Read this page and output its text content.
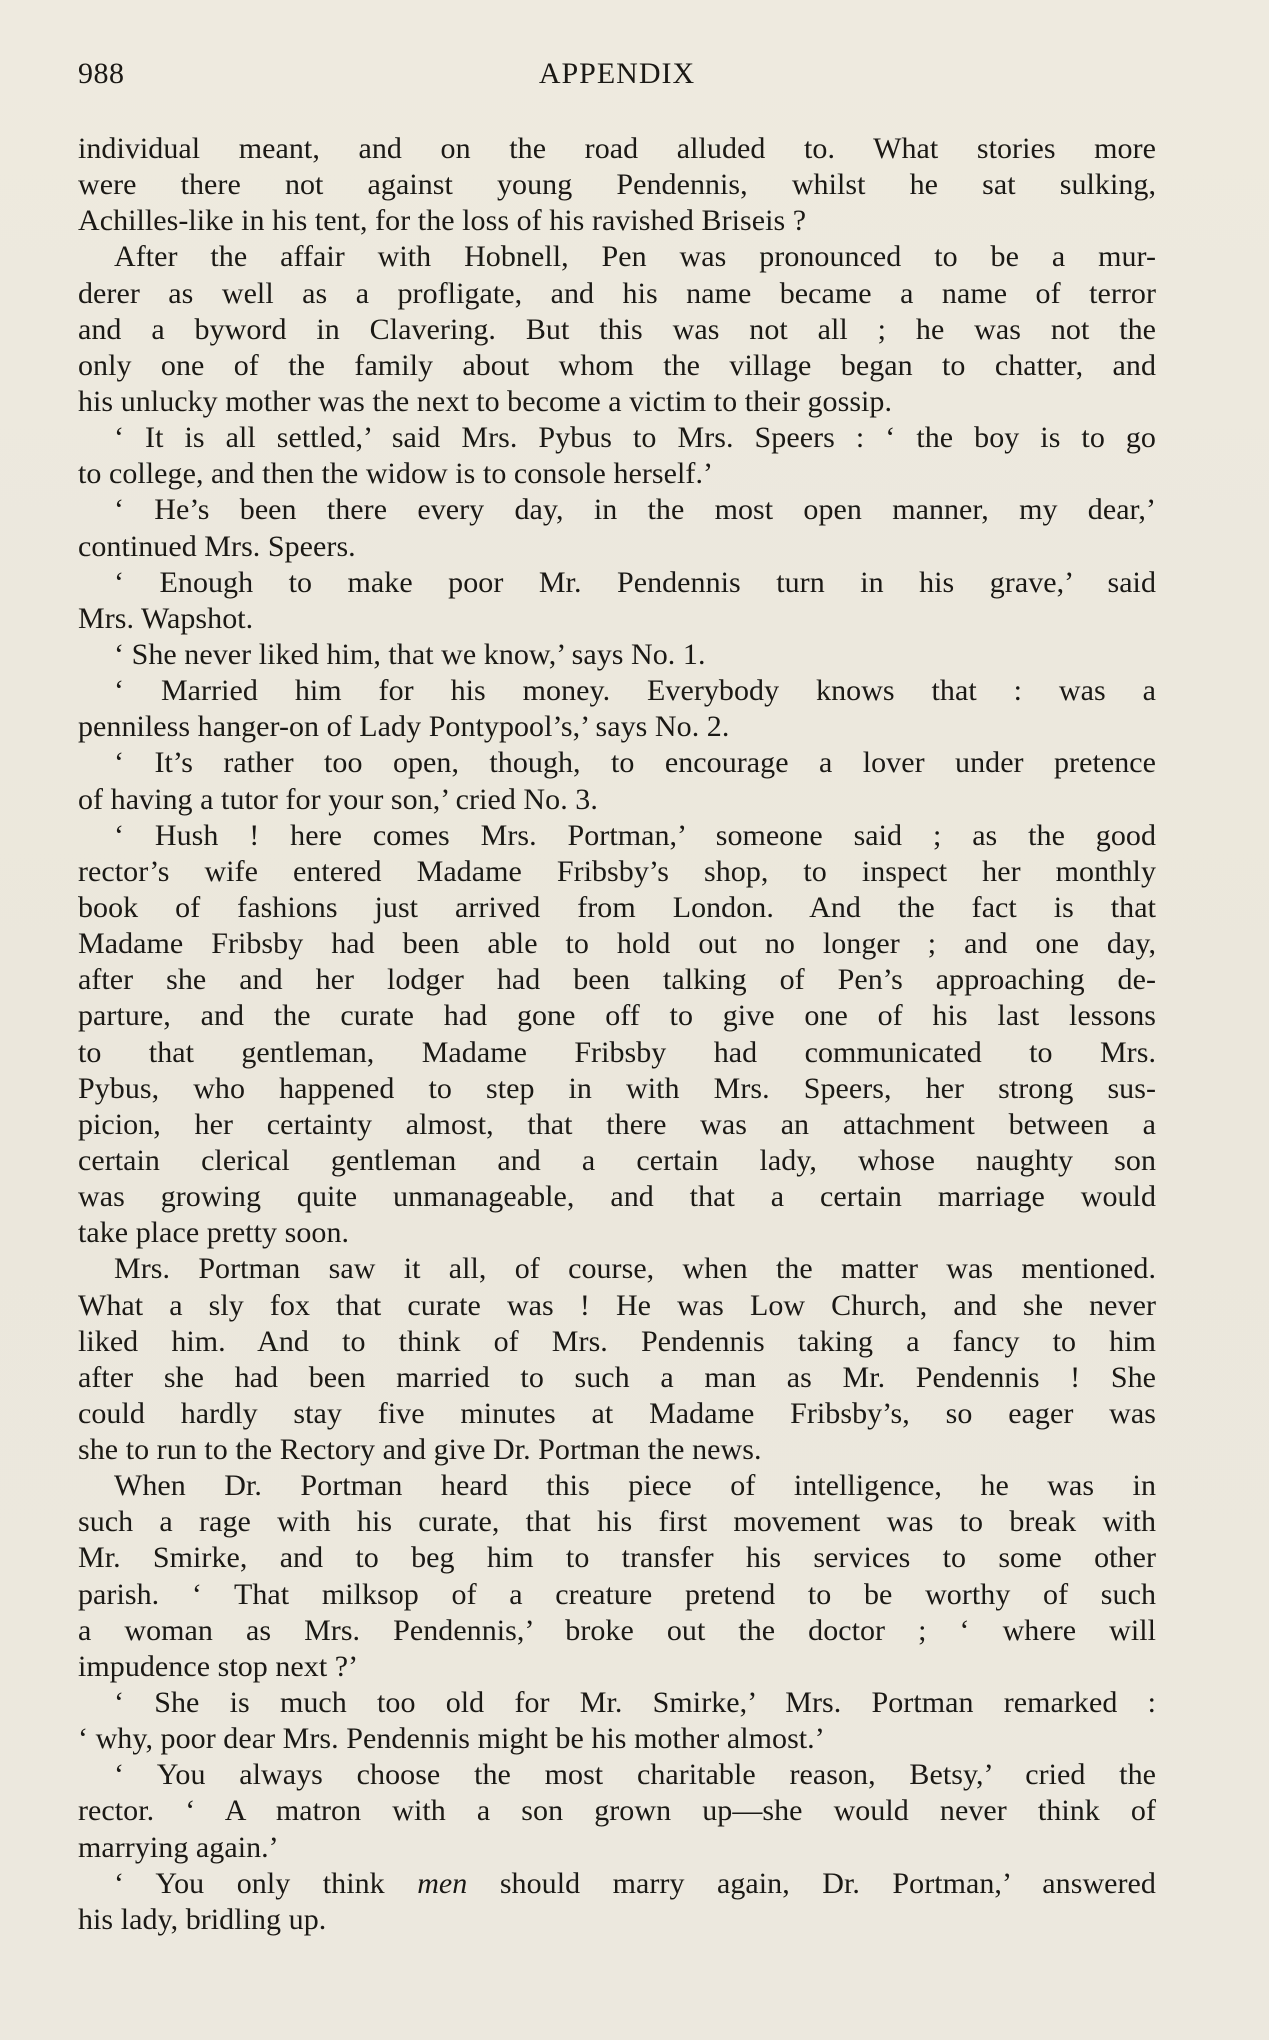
988	APPENDIX
individual meant, and on the road alluded to. What stories more
were there not against young Pendennis, whilst he sat sulking,
Achilles-like in his tent, for the loss of his ravished Briseis ?
After the affair with Hobnell, Pen was pronounced to be a mur-
derer as well as a profligate, and his name became a name of terror
and a byword in Clavering. But this was not all ; he was not the
only one of the family about whom the village began to chatter, and
his unlucky mother was the next to become a victim to their gossip.
‘ It is all settled,’ said Mrs. Pybus to Mrs. Speers : ‘ the boy is to go
to college, and then the widow is to console herself.’
‘ He’s been there every day, in the most open manner, my dear,’
continued Mrs. Speers.
‘ Enough to make poor Mr. Pendennis turn in his grave,’ said
Mrs. Wapshot.
‘ She never liked him, that we know,’ says No. 1.
‘ Married him for his money. Everybody knows that : was a
penniless hanger-on of Lady Pontypool’s,’ says No. 2.
‘ It’s rather too open, though, to encourage a lover under pretence
of having a tutor for your son,’ cried No. 3.
‘ Hush ! here comes Mrs. Portman,’ someone said ; as the good
rector’s wife entered Madame Fribsby’s shop, to inspect her monthly
book of fashions just arrived from London. And the fact is that
Madame Fribsby had been able to hold out no longer ; and one day,
after she and her lodger had been talking of Pen’s approaching de-
parture, and the curate had gone off to give one of his last lessons
to that gentleman, Madame Fribsby had communicated to Mrs.
Pybus, who happened to step in with Mrs. Speers, her strong sus-
picion, her certainty almost, that there was an attachment between a
certain clerical gentleman and a certain lady, whose naughty son
was growing quite unmanageable, and that a certain marriage would
take place pretty soon.
Mrs. Portman saw it all, of course, when the matter was mentioned.
What a sly fox that curate was ! He was Low Church, and she never
liked him. And to think of Mrs. Pendennis taking a fancy to him
after she had been married to such a man as Mr. Pendennis ! She
could hardly stay five minutes at Madame Fribsby’s, so eager was
she to run to the Rectory and give Dr. Portman the news.
When Dr. Portman heard this piece of intelligence, he was in
such a rage with his curate, that his first movement was to break with
Mr. Smirke, and to beg him to transfer his services to some other
parish. ‘ That milksop of a creature pretend to be worthy of such
a woman as Mrs. Pendennis,’ broke out the doctor ; ‘ where will
impudence stop next ?’
‘ She is much too old for Mr. Smirke,’ Mrs. Portman remarked :
‘ why, poor dear Mrs. Pendennis might be his mother almost.’
‘ You always choose the most charitable reason, Betsy,’ cried the
rector. ‘ A matron with a son grown up—she would never think of
marrying again.’
‘ You only think men should marry again, Dr. Portman,’ answered
his lady, bridling up.
